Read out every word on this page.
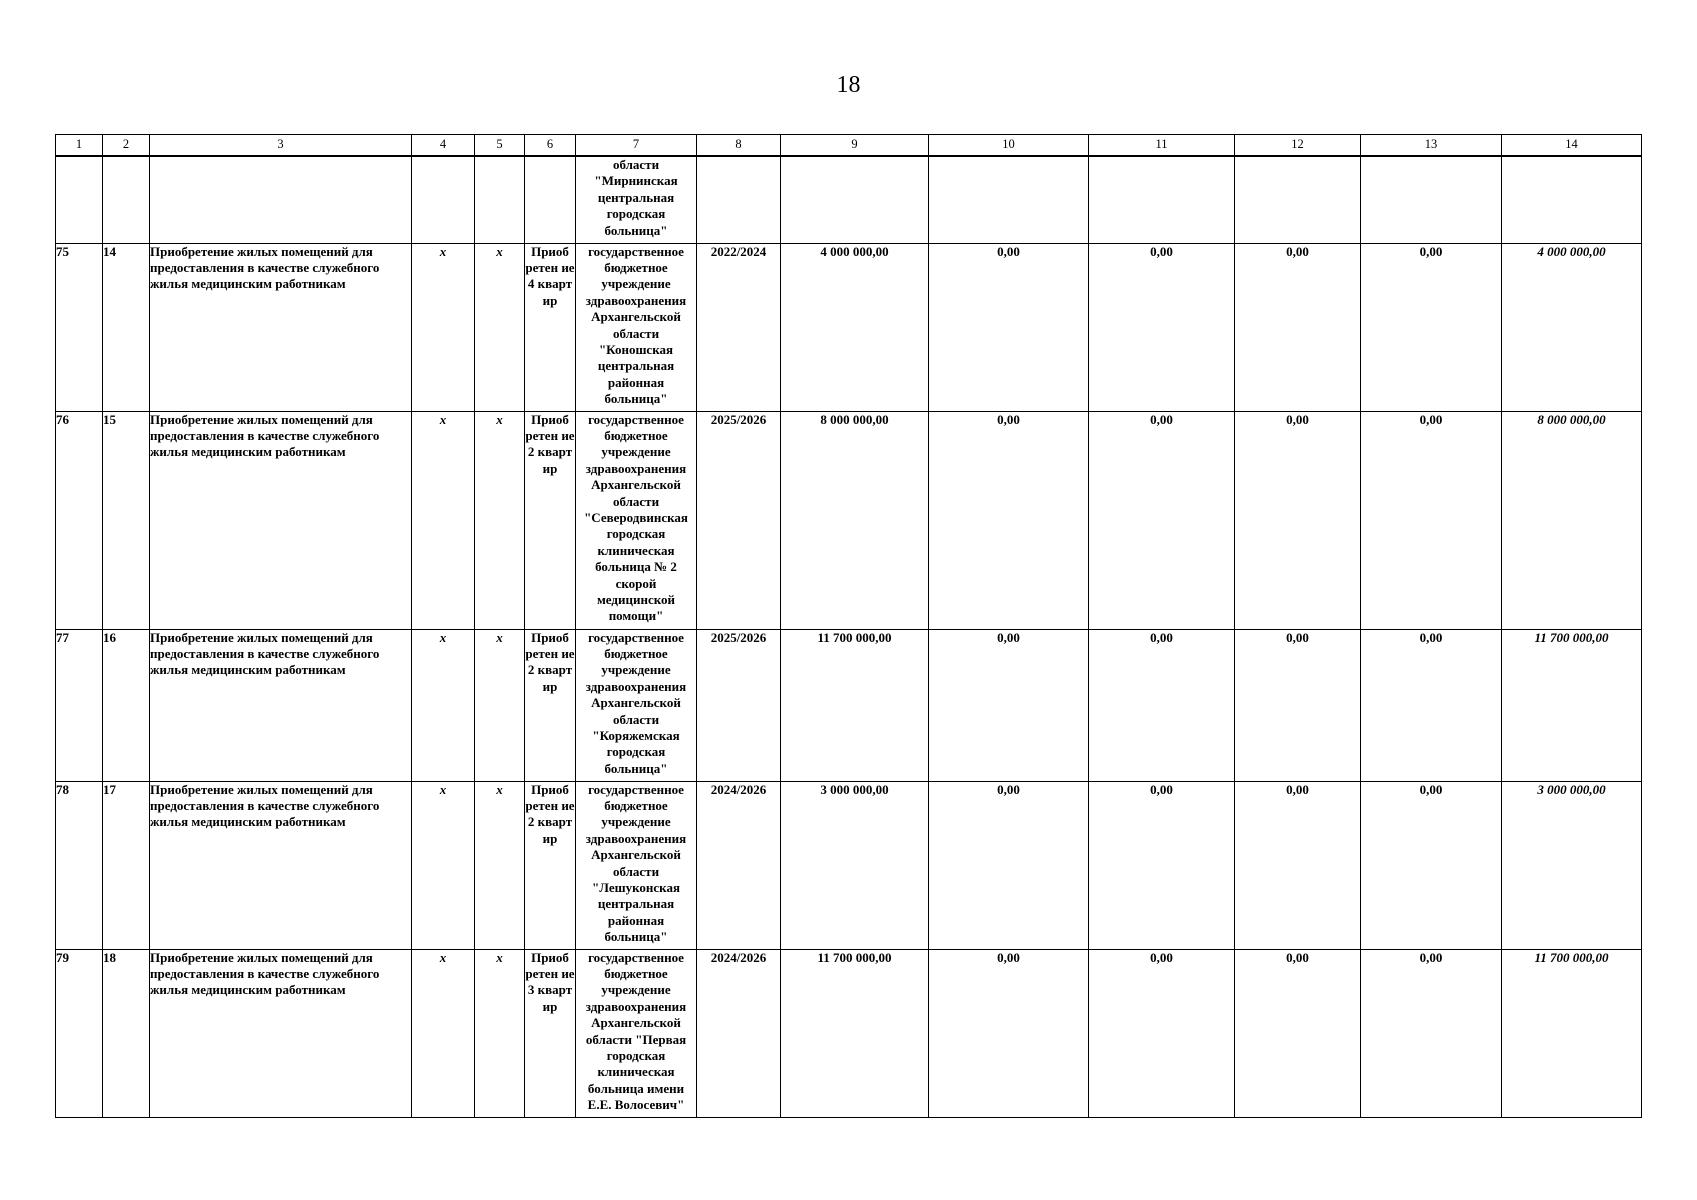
18
1	2	3	4	5	6	7	8	9	10	11	12	13	14
						области "Мирнинская центральная городская больница"							
75	14	Приобретение жилых помещений для предоставления в качестве служебного жилья медицинским работникам	х	х	Приоб ретен ие 4 кварт ир	государственное бюджетное учреждение здравоохранения Архангельской области "Коношская центральная районная больница"	2022/2024	4 000 000,00	0,00	0,00	0,00	0,00	4 000 000,00
76	15	Приобретение жилых помещений для предоставления в качестве служебного жилья медицинским работникам	х	х	Приоб ретен ие 2 кварт ир	государственное бюджетное учреждение здравоохранения Архангельской области "Северодвинская городская клиническая больница № 2 скорой медицинской помощи"	2025/2026	8 000 000,00	0,00	0,00	0,00	0,00	8 000 000,00
77	16	Приобретение жилых помещений для предоставления в качестве служебного жилья медицинским работникам	х	х	Приоб ретен ие 2 кварт ир	государственное бюджетное учреждение здравоохранения Архангельской области "Коряжемская городская больница"	2025/2026	11 700 000,00	0,00	0,00	0,00	0,00	11 700 000,00
78	17	Приобретение жилых помещений для предоставления в качестве служебного жилья медицинским работникам	х	х	Приоб ретен ие 2 кварт ир	государственное бюджетное учреждение здравоохранения Архангельской области "Лешуконская центральная районная больница"	2024/2026	3 000 000,00	0,00	0,00	0,00	0,00	3 000 000,00
79	18	Приобретение жилых помещений для предоставления в качестве служебного жилья медицинским работникам	х	х	Приоб ретен ие 3 кварт ир	государственное бюджетное учреждение здравоохранения Архангельской области "Первая городская клиническая больница имени Е.Е. Волосевич"	2024/2026	11 700 000,00	0,00	0,00	0,00	0,00	11 700 000,00
